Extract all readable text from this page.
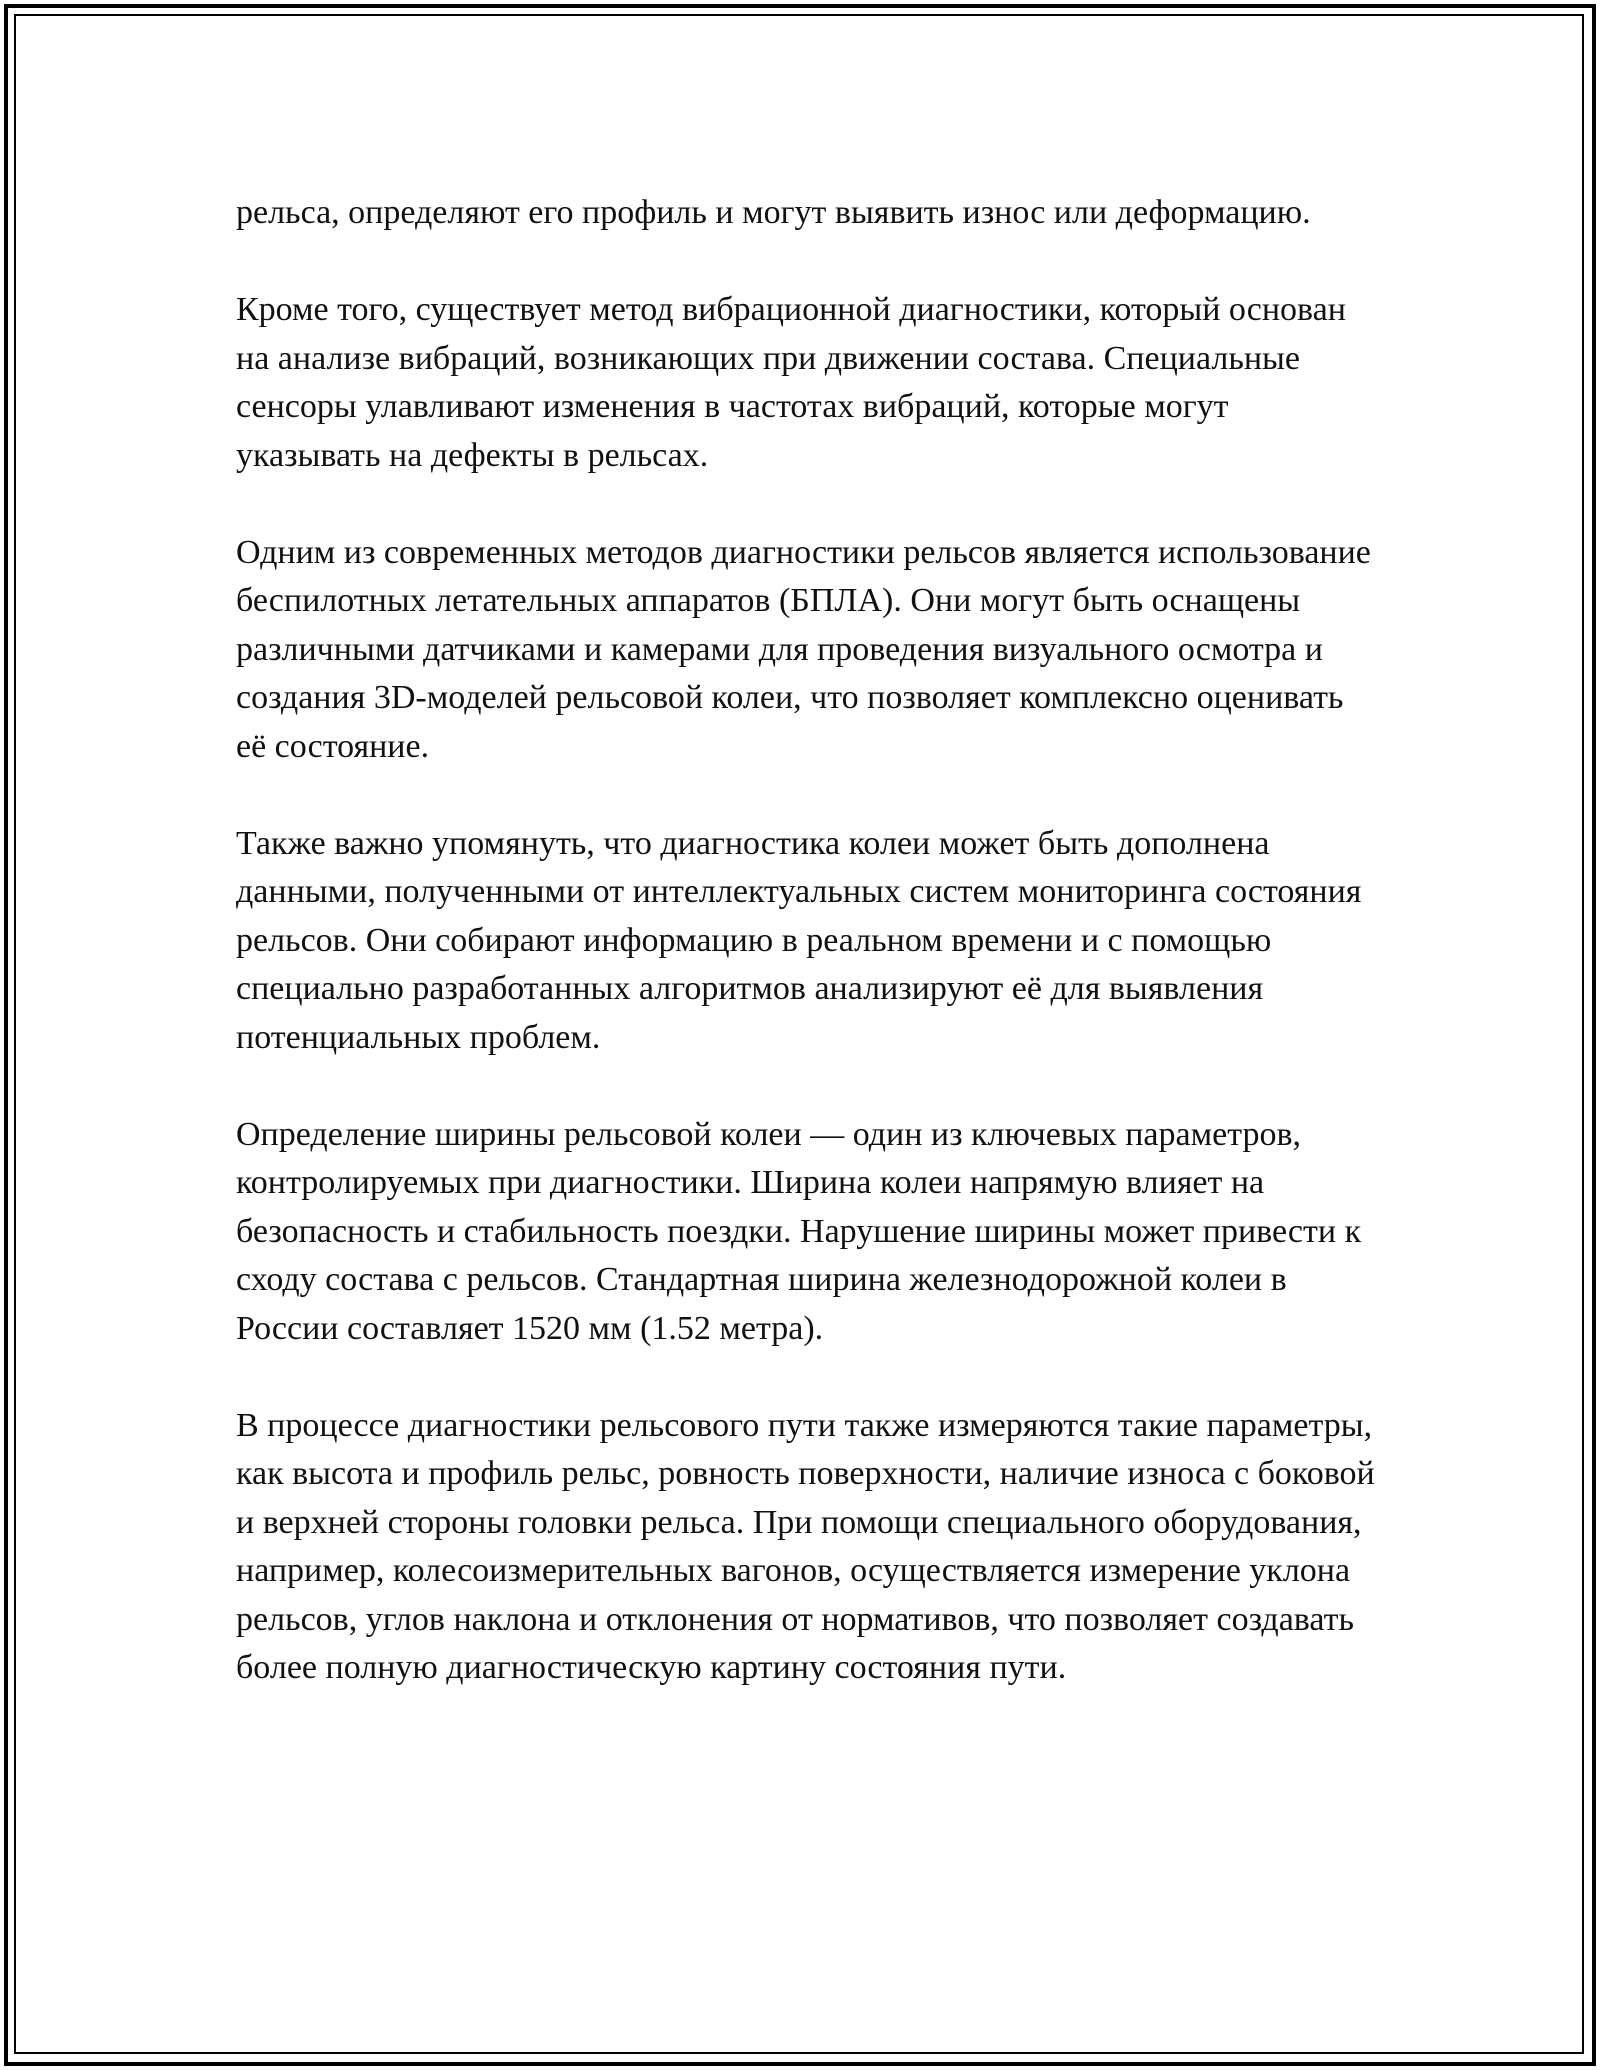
рельса, определяют его профиль и могут выявить износ или деформацию.

Кроме того, существует метод вибрационной диагностики, который основан на анализе вибраций, возникающих при движении состава. Специальные сенсоры улавливают изменения в частотах вибраций, которые могут указывать на дефекты в рельсах.

Одним из современных методов диагностики рельсов является использование беспилотных летательных аппаратов (БПЛА). Они могут быть оснащены различными датчиками и камерами для проведения визуального осмотра и создания 3D-моделей рельсовой колеи, что позволяет комплексно оценивать её состояние.

Также важно упомянуть, что диагностика колеи может быть дополнена данными, полученными от интеллектуальных систем мониторинга состояния рельсов. Они собирают информацию в реальном времени и с помощью специально разработанных алгоритмов анализируют её для выявления потенциальных проблем.

Определение ширины рельсовой колеи — один из ключевых параметров, контролируемых при диагностики. Ширина колеи напрямую влияет на безопасность и стабильность поездки. Нарушение ширины может привести к сходу состава с рельсов. Стандартная ширина железнодорожной колеи в России составляет 1520 мм (1.52 метра).

В процессе диагностики рельсового пути также измеряются такие параметры, как высота и профиль рельс, ровность поверхности, наличие износа с боковой и верхней стороны головки рельса. При помощи специального оборудования, например, колесоизмерительных вагонов, осуществляется измерение уклона рельсов, углов наклона и отклонения от нормативов, что позволяет создавать более полную диагностическую картину состояния пути.
